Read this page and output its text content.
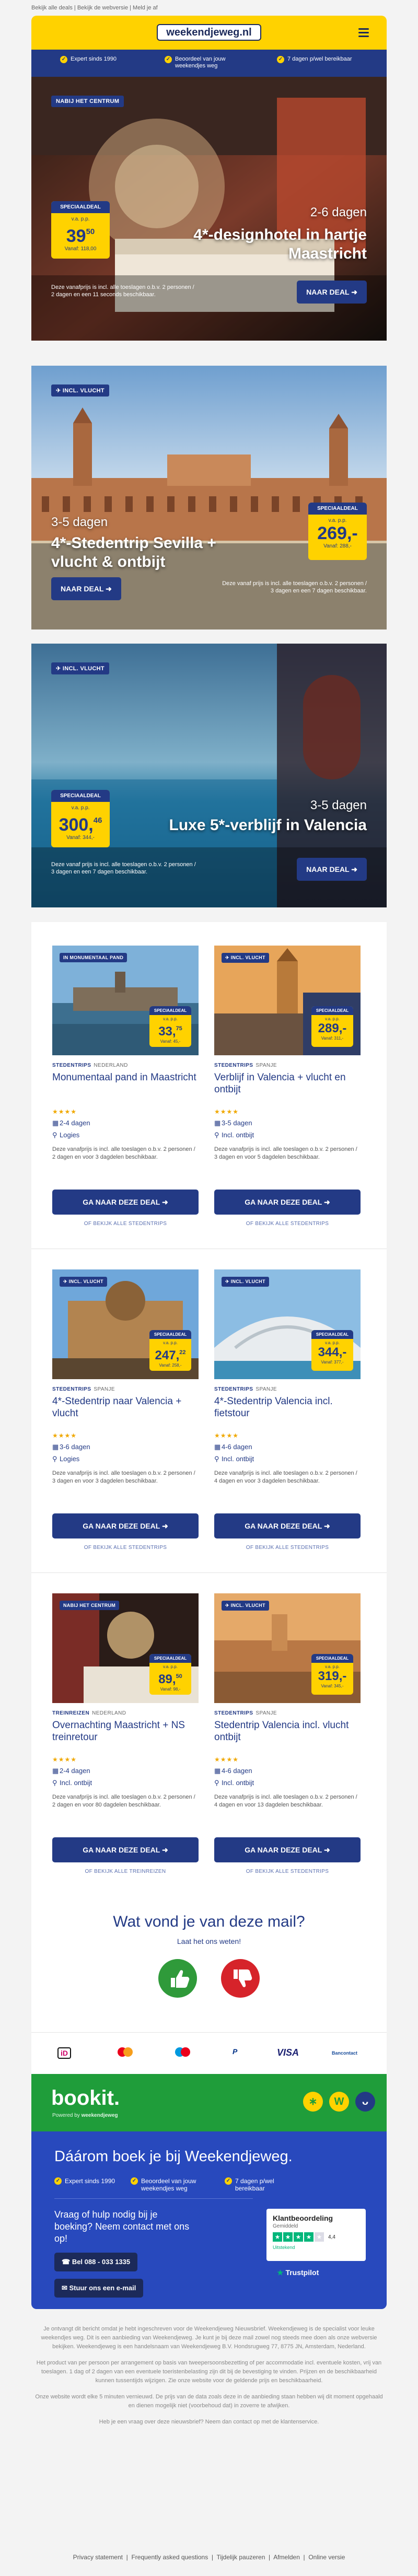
Bekijk alle deals | Bekijk de webversie | Meld je af
weekendjeweg.nl
✓ Expert sinds 1990	✓ Beoordeel van jouw weekendjes weg
✓ 7 dagen p/wel bereikbaar
NABIJ HET CENTRUM
SPECIAALDEAL
v.a. p.p.
$39^{50}$
Vanaf: 118,00
2-6 dagen
4*-designhotel in hartje Maastricht
NAAR DEAL ➜
Deze vanafprijs is incl. alle toeslagen o.b.v. 2 personen / 2 dagen en een 11 seconds beschikbaar.
✈ INCL. VLUCHT
SPECIAALDEAL
v.a. p.p.
269,-
Vanaf: 288,-
3-5 dagen
4*-Stedentrip Sevilla + vlucht & ontbijt
NAAR DEAL ➜
Deze vanaf prijs is incl. alle toeslagen o.b.v. 2 personen / 3 dagen en een 7 dagen beschikbaar.
✈ INCL. VLUCHT
SPECIAALDEAL
v.a. p.p.
300,46
Vanaf: 344,-
3-5 dagen
Luxe 5*-verblijf in Valencia
NAAR DEAL ➜
Deze vanaf prijs is incl. alle toeslagen o.b.v. 2 personen / 3 dagen en een 7 dagen beschikbaar.
IN MONUMENTAAL PAND
SPECIAALDEAL
v.a. p.p.
33,75
Vanaf: 45,-
STEDENTRIPS NEDERLAND
Monumentaal pand in Maastricht
★★★★
▦ 2-4 dagen
⚲ Logies
Deze vanafprijs is incl. alle toeslagen o.b.v. 2 personen / 2 dagen en voor 3 dagdelen beschikbaar.
GA NAAR DEZE DEAL ➜
OF BEKIJK ALLE STEDENTRIPS
✈ INCL. VLUCHT
SPECIAALDEAL
v.a. p.p.
289,-
Vanaf: 311,-
STEDENTRIPS SPANJE
Verblijf in Valencia + vlucht en ontbijt
★★★★
▦ 3-5 dagen
⚲ Incl. ontbijt
Deze vanafprijs is incl. alle toeslagen o.b.v. 2 personen / 3 dagen en voor 5 dagdelen beschikbaar.
GA NAAR DEZE DEAL ➜
OF BEKIJK ALLE STEDENTRIPS
✈ INCL. VLUCHT
SPECIAALDEAL
v.a. p.p.
247,22
Vanaf: 258,-
STEDENTRIPS SPANJE
4*-Stedentrip naar Valencia + vlucht
★★★★
▦ 3-6 dagen
⚲ Logies
Deze vanafprijs is incl. alle toeslagen o.b.v. 2 personen / 3 dagen en voor 3 dagdelen beschikbaar.
GA NAAR DEZE DEAL ➜
OF BEKIJK ALLE STEDENTRIPS
✈ INCL. VLUCHT
SPECIAALDEAL
v.a. p.p.
344,-
Vanaf: 377,-
STEDENTRIPS SPANJE
4*-Stedentrip Valencia incl. fietstour
★★★★
▦ 4-6 dagen
⚲ Incl. ontbijt
Deze vanafprijs is incl. alle toeslagen o.b.v. 2 personen / 4 dagen en voor 3 dagdelen beschikbaar.
GA NAAR DEZE DEAL ➜
OF BEKIJK ALLE STEDENTRIPS
NABIJ HET CENTRUM
SPECIAALDEAL
v.a. p.p.
89,50
Vanaf: 98,-
TREINREIZEN NEDERLAND
Overnachting Maastricht + NS treinretour
★★★★
▦ 2-4 dagen
⚲ Incl. ontbijt
Deze vanafprijs is incl. alle toeslagen o.b.v. 2 personen / 2 dagen en voor 80 dagdelen beschikbaar.
GA NAAR DEZE DEAL ➜
OF BEKIJK ALLE TREINREIZEN
✈ INCL. VLUCHT
SPECIAALDEAL
v.a. p.p.
319,-
Vanaf: 345,-
STEDENTRIPS SPANJE
Stedentrip Valencia incl. vlucht ontbijt
★★★★
▦ 4-6 dagen
⚲ Incl. ontbijt
Deze vanafprijs is incl. alle toeslagen o.b.v. 2 personen / 4 dagen en voor 13 dagdelen beschikbaar.
GA NAAR DEZE DEAL ➜
OF BEKIJK ALLE STEDENTRIPS
Wat vond je van deze mail?
Laat het ons weten!
iD	P	VISA	Bancontact
bookit.
Powered by weekendjeweg
∗	W	ᴗ
Dáárom boek je bij Weekendjeweg.
✓ Expert sinds 1990	✓ Beoordeel van jouw weekendjes weg
✓ 7 dagen p/wel bereikbaar
Vraag of hulp nodig bij je boeking? Neem contact met ons op!
☎ Bel 088 - 033 1335
✉ Stuur ons een e-mail
Klantbeoordeling
Gemiddeld
★ ★ ★ ★ ★	4,4
Uitstekend
★ Trustpilot

Je ontvangt dit bericht omdat je hebt ingeschreven voor de Weekendjeweg Nieuwsbrief. Weekendjeweg is de specialist voor leuke weekendjes weg. Dit is een aanbieding van Weekendjeweg. Je kunt je bij deze mail zowel nog steeds mee doen als onze webversie bekijken. Weekendjeweg is een handelsnaam van Weekendjeweg B.V. Hondsrugweg 77, 8775 JN, Amsterdam, Nederland.

Het product van per persoon per arrangement op basis van tweepersoonsbezetting of per accommodatie incl. eventuele kosten, vrij van toeslagen. 1 dag of 2 dagen van een eventuele toeristenbelasting zijn dit bij de bevestiging te vinden. Prijzen en de beschikbaarheid kunnen tussentijds wijzigen. Zie onze website voor de geldende prijs en beschikbaarheid.

Onze website wordt elke 5 minuten vernieuwd. De prijs van de data zoals deze in de aanbieding staan hebben wij dit moment opgehaald en dienen mogelijk niet (voorbehoud dat) in zoverre te afwijken.

Heb je een vraag over deze nieuwsbrief? Neem dan contact op met de klantenservice.

Privacy statement  |  Frequently asked questions  |  Tijdelijk pauzeren  |  Afmelden  |  Online versie
